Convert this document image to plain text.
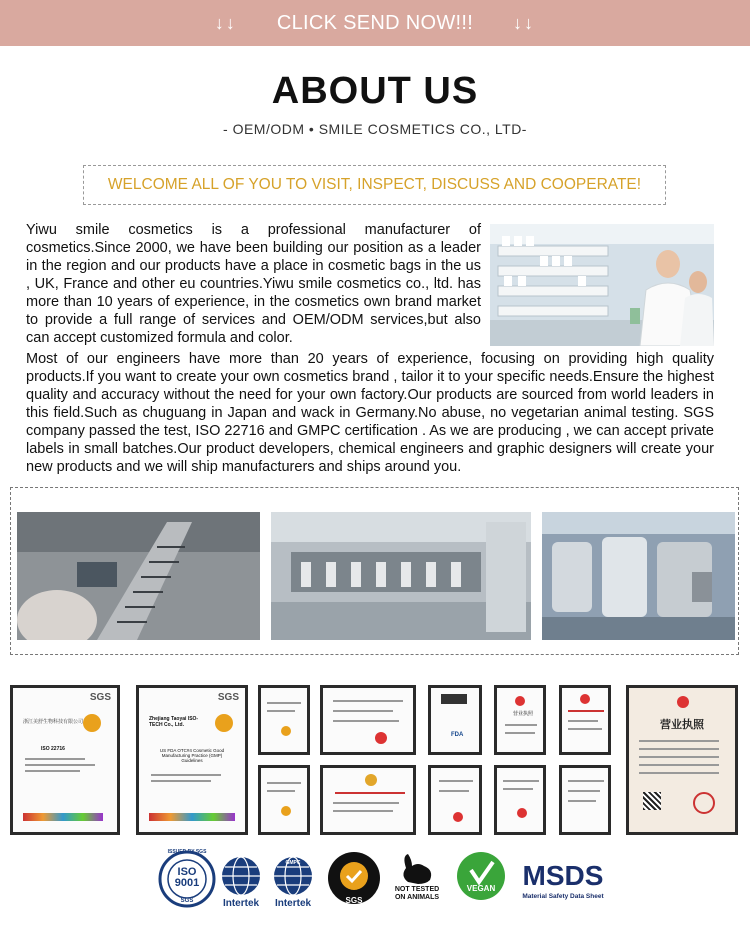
↓↓ CLICK SEND NOW!!! ↓↓
ABOUT US
- OEM/ODM • SMILE COSMETICS CO., LTD-
WELCOME ALL OF YOU TO VISIT, INSPECT, DISCUSS AND COOPERATE!

Yiwu smile cosmetics is a professional manufacturer of cosmetics.Since 2000, we have been building our position as a leader in the region and our products have a place in cosmetic bags in the us , UK, France and other eu countries.Yiwu smile cosmetics co., ltd. has more than 10 years of experience, in the cosmetics own brand market to provide a full range of services and OEM/ODM services,but also can accept customized formula and color.

Most of our engineers have more than 20 years of experience, focusing on providing high quality products.If you want to create your own cosmetics brand , tailor it to your specific needs.Ensure the highest quality and accuracy without the need for your own factory.Our products are sourced from world leaders in this field.Such as chuguang in Japan and wack in Germany.No abuse, no vegetarian animal testing. SGS company passed the test, ISO 22716 and GMPC certification . As we are producing , we can accept private labels in small batches.Our product developers, chemical engineers and graphic designers will create your new products and we will ship manufacturers and ships around you.

SGS
浙江美舒生物科技有限公司
ISO 22716
SGS
Zhejiang Taoyai ISO-TECH Co., Ltd.
US FDA OTC#4 Cosmetic Good Manufacturing Practice (GMP) Guidelines
FDA
营业执照
营业执照
ISSUED BY SGS
ISO
9001
SGS	Intertek
GMPC
Intertek	SGS
NOT TESTED
ON ANIMALS
VEGAN MSDS
Material Safety Data Sheet
